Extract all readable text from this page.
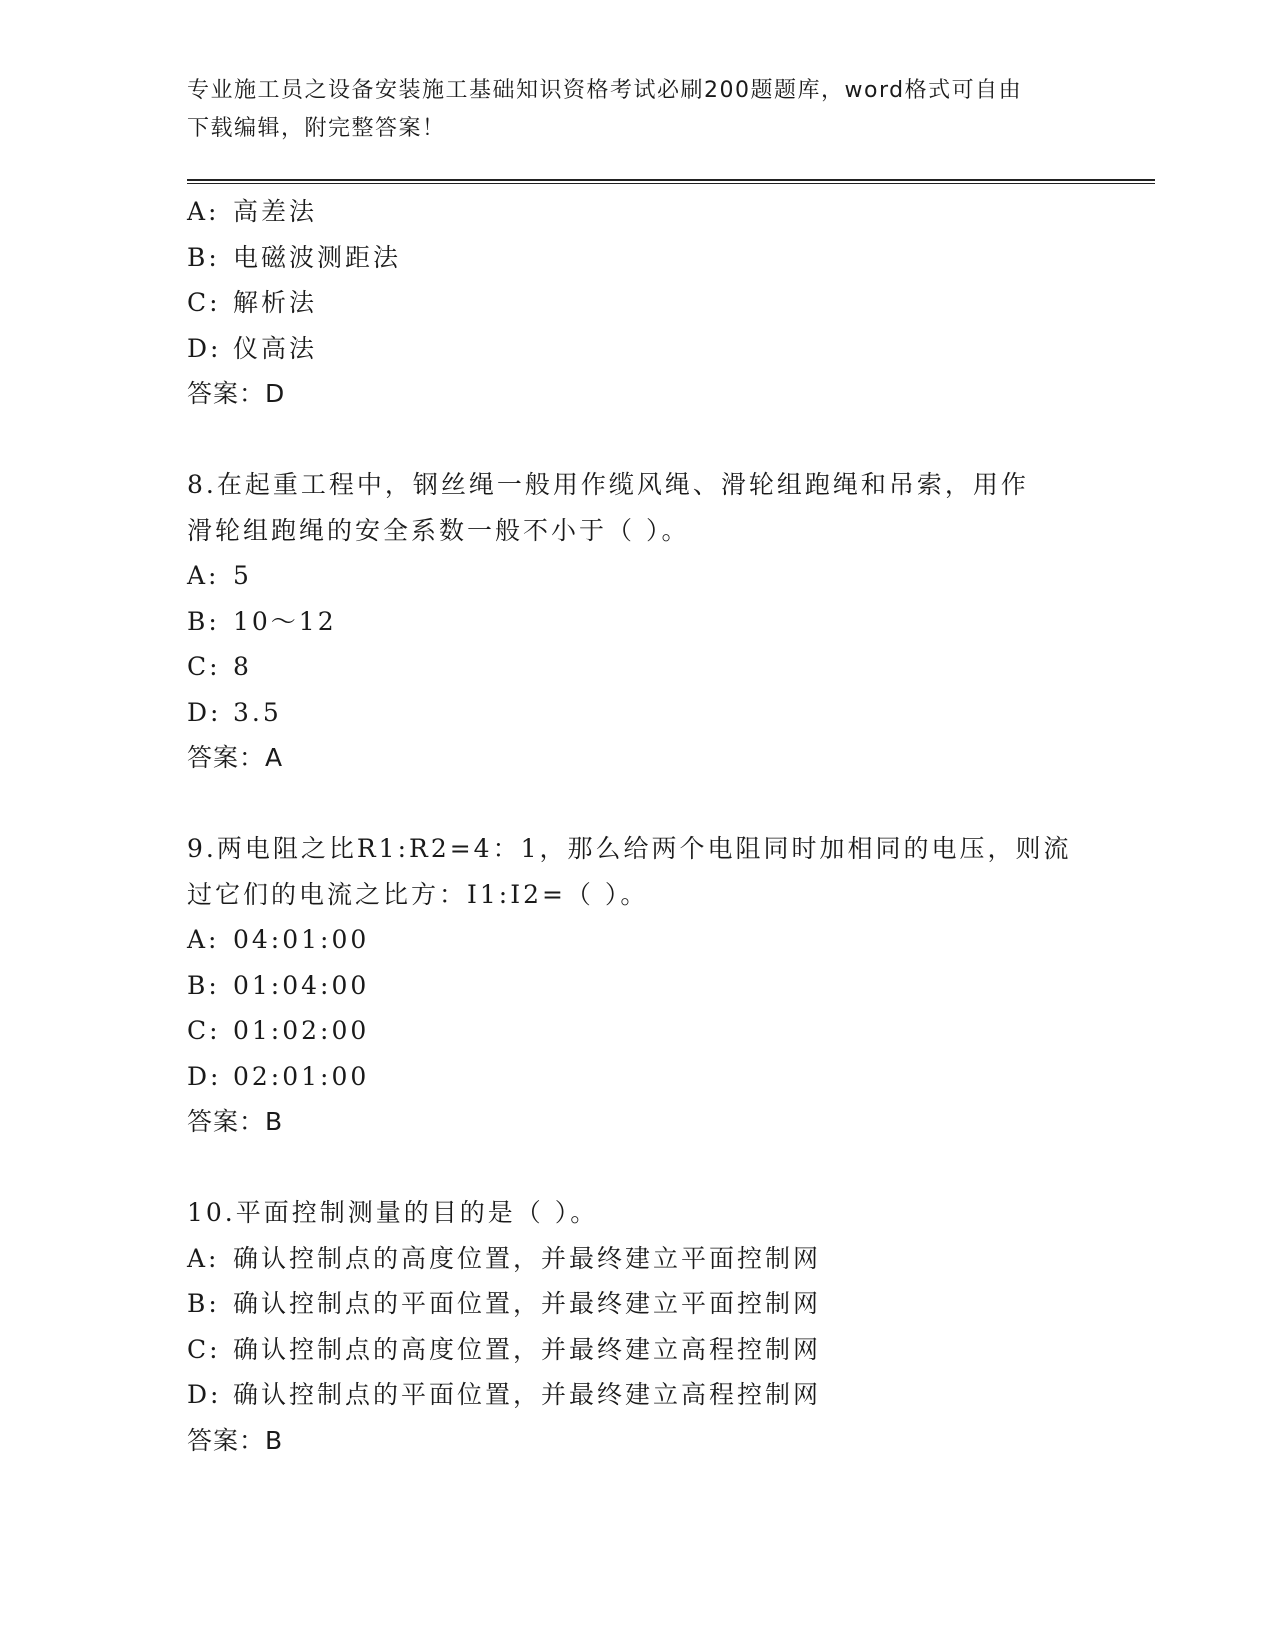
专业施工员之设备安装施工基础知识资格考试必刷200题题库，word格式可自由
下载编辑，附完整答案！
A: 高差法
B: 电磁波测距法
C: 解析法
D: 仪高法
答案：D
8.在起重工程中，钢丝绳一般用作缆风绳、滑轮组跑绳和吊索，用作
滑轮组跑绳的安全系数一般不小于（ ）。
A: 5
B: 10～12
C: 8
D: 3.5
答案：A
9.两电阻之比R1:R2=4：1，那么给两个电阻同时加相同的电压，则流
过它们的电流之比方：I1:I2=（ ）。
A: 04:01:00
B: 01:04:00
C: 01:02:00
D: 02:01:00
答案：B
10.平面控制测量的目的是（ ）。
A: 确认控制点的高度位置，并最终建立平面控制网
B: 确认控制点的平面位置，并最终建立平面控制网
C: 确认控制点的高度位置，并最终建立高程控制网
D: 确认控制点的平面位置，并最终建立高程控制网
答案：B
